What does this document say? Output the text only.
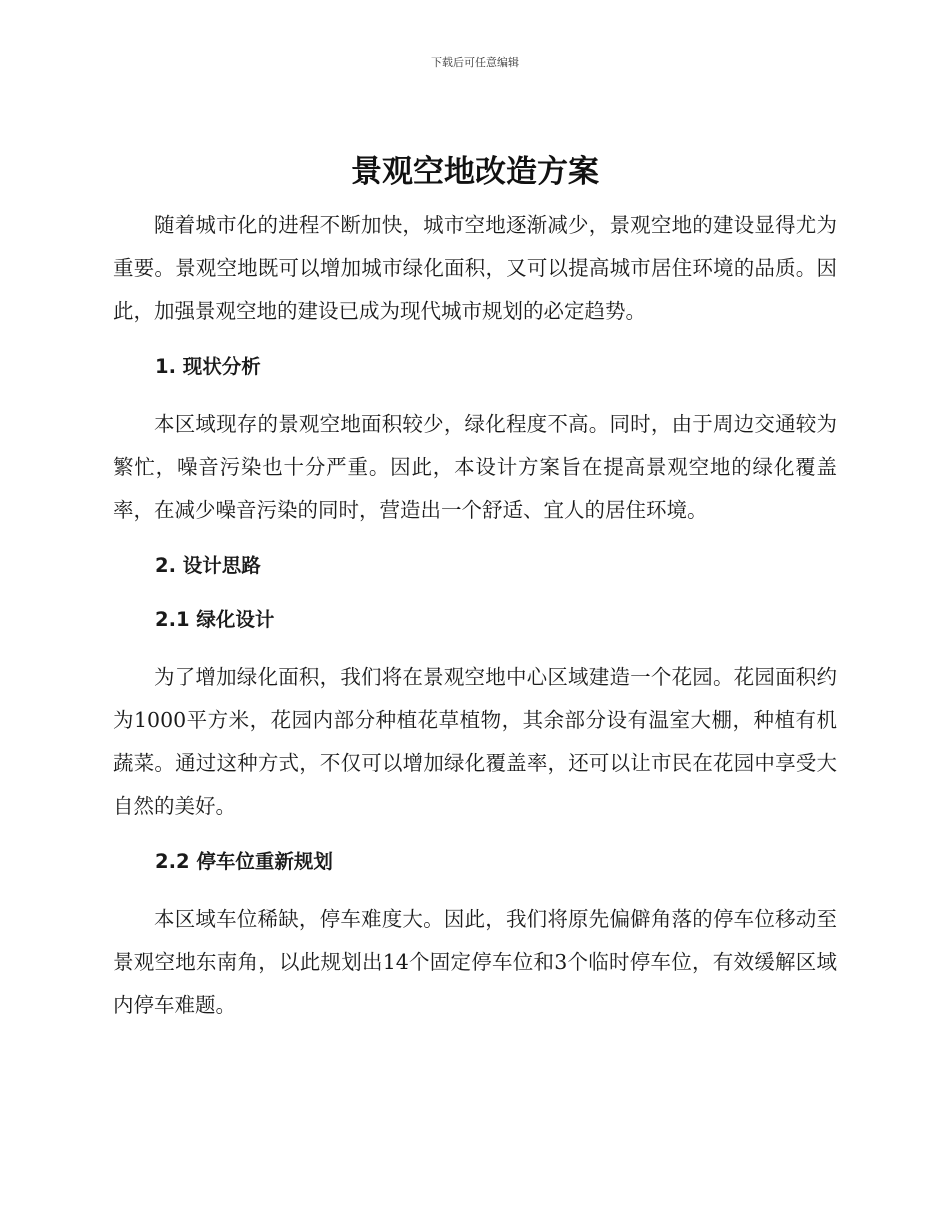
下载后可任意编辑
景观空地改造方案

随着城市化的进程不断加快，城市空地逐渐减少，景观空地的建设显得尤为重要。景观空地既可以增加城市绿化面积，又可以提高城市居住环境的品质。因此，加强景观空地的建设已成为现代城市规划的必定趋势。

1. 现状分析

本区域现存的景观空地面积较少，绿化程度不高。同时，由于周边交通较为繁忙，噪音污染也十分严重。因此，本设计方案旨在提高景观空地的绿化覆盖率，在减少噪音污染的同时，营造出一个舒适、宜人的居住环境。

2. 设计思路
2.1 绿化设计

为了增加绿化面积，我们将在景观空地中心区域建造一个花园。花园面积约为1000平方米，花园内部分种植花草植物，其余部分设有温室大棚，种植有机蔬菜。通过这种方式，不仅可以增加绿化覆盖率，还可以让市民在花园中享受大自然的美好。

2.2 停车位重新规划

本区域车位稀缺，停车难度大。因此，我们将原先偏僻角落的停车位移动至景观空地东南角，以此规划出14个固定停车位和3个临时停车位，有效缓解区域内停车难题。
